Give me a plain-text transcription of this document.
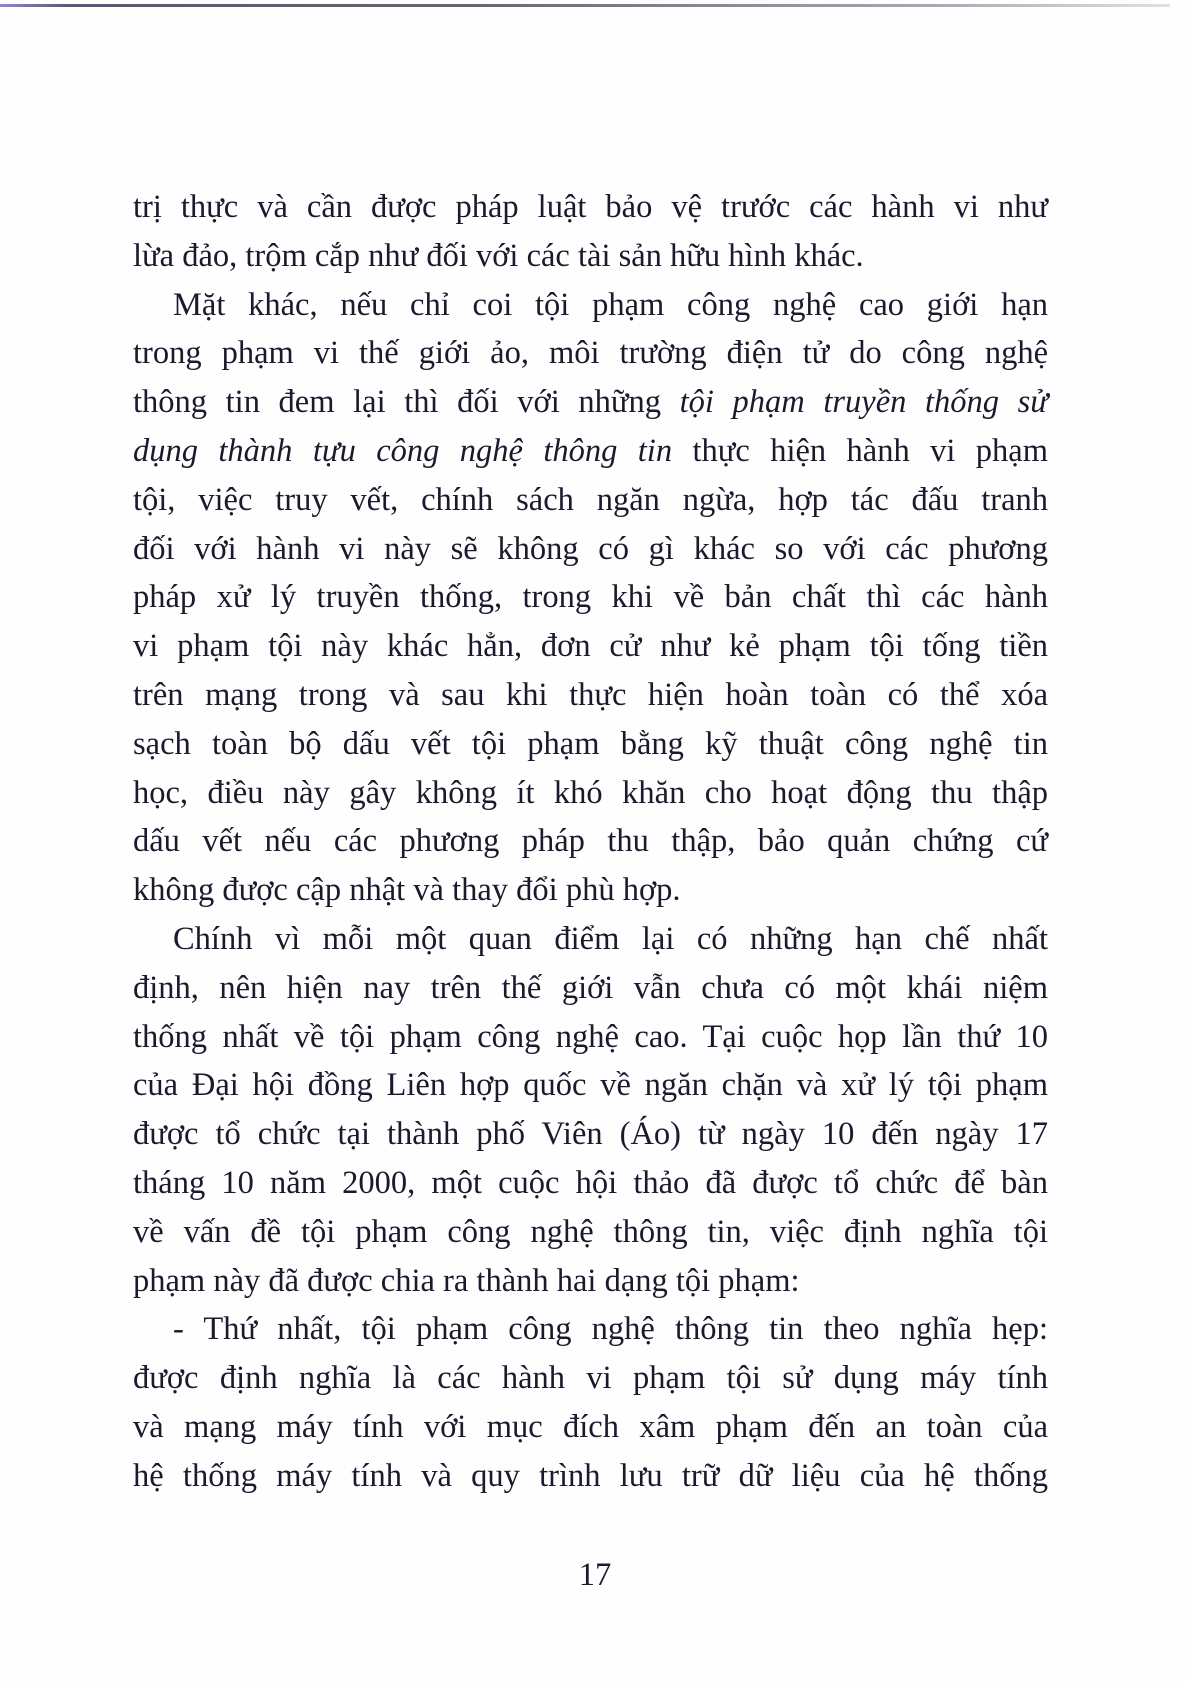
trị thực và cần được pháp luật bảo vệ trước các hành vi như
lừa đảo, trộm cắp như đối với các tài sản hữu hình khác.
Mặt khác, nếu chỉ coi tội phạm công nghệ cao giới hạn
trong phạm vi thế giới ảo, môi trường điện tử do công nghệ
thông tin đem lại thì đối với những tội phạm truyền thống sử
dụng thành tựu công nghệ thông tin thực hiện hành vi phạm
tội, việc truy vết, chính sách ngăn ngừa, hợp tác đấu tranh
đối với hành vi này sẽ không có gì khác so với các phương
pháp xử lý truyền thống, trong khi về bản chất thì các hành
vi phạm tội này khác hẳn, đơn cử như kẻ phạm tội tống tiền
trên mạng trong và sau khi thực hiện hoàn toàn có thể xóa
sạch toàn bộ dấu vết tội phạm bằng kỹ thuật công nghệ tin
học, điều này gây không ít khó khăn cho hoạt động thu thập
dấu vết nếu các phương pháp thu thập, bảo quản chứng cứ
không được cập nhật và thay đổi phù hợp.
Chính vì mỗi một quan điểm lại có những hạn chế nhất
định, nên hiện nay trên thế giới vẫn chưa có một khái niệm
thống nhất về tội phạm công nghệ cao. Tại cuộc họp lần thứ 10
của Đại hội đồng Liên hợp quốc về ngăn chặn và xử lý tội phạm
được tổ chức tại thành phố Viên (Áo) từ ngày 10 đến ngày 17
tháng 10 năm 2000, một cuộc hội thảo đã được tổ chức để bàn
về vấn đề tội phạm công nghệ thông tin, việc định nghĩa tội
phạm này đã được chia ra thành hai dạng tội phạm:
- Thứ nhất, tội phạm công nghệ thông tin theo nghĩa hẹp:
được định nghĩa là các hành vi phạm tội sử dụng máy tính
và mạng máy tính với mục đích xâm phạm đến an toàn của
hệ thống máy tính và quy trình lưu trữ dữ liệu của hệ thống
17
